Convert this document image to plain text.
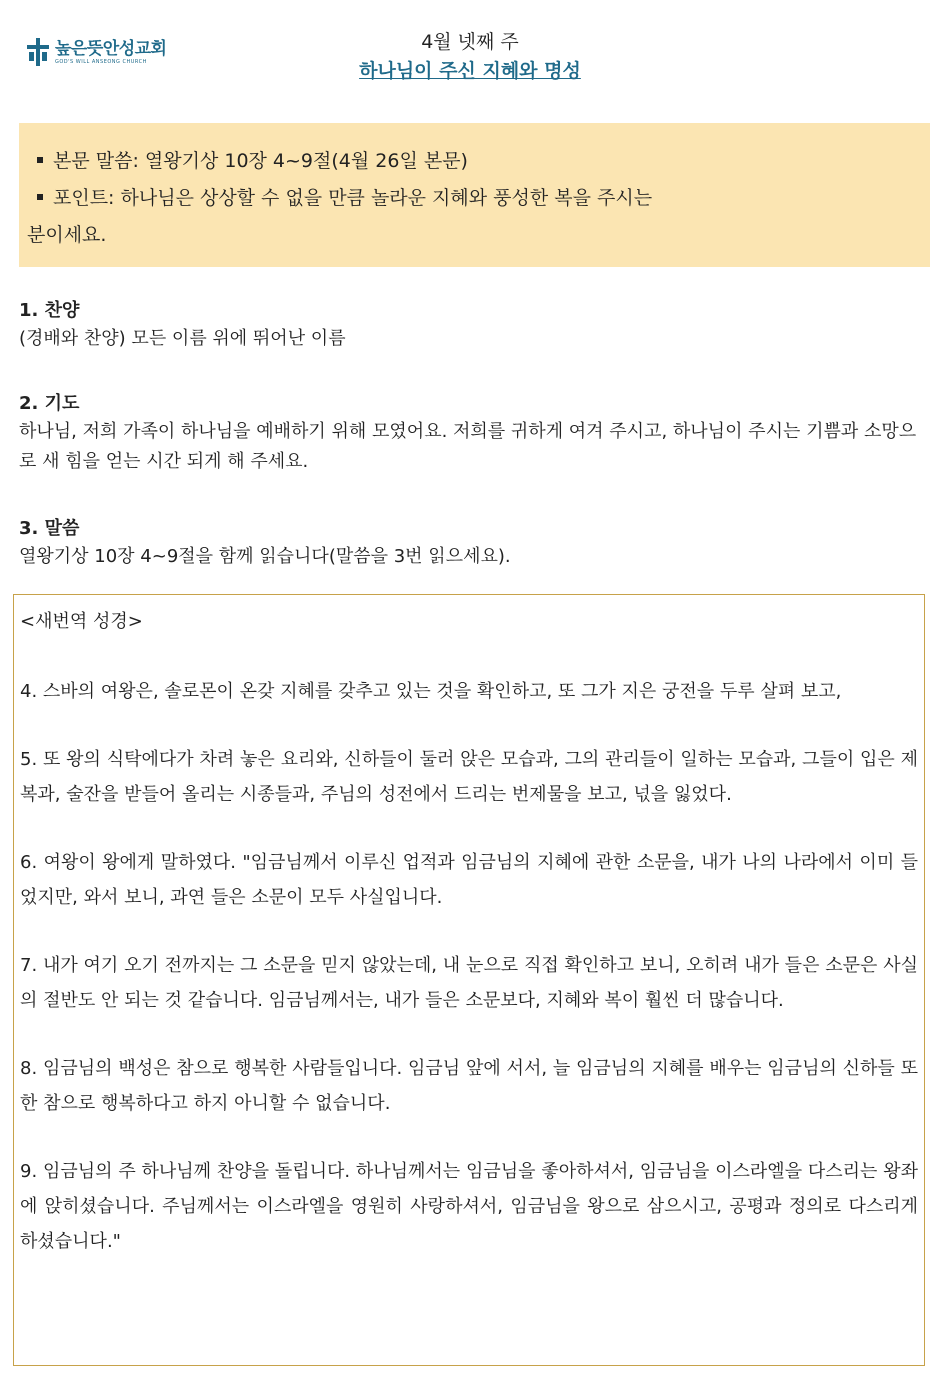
높은뜻안성교회
GOD'S WILL ANSEONG CHURCH
4월 넷째 주
하나님이 주신 지혜와 명성
본문 말씀: 열왕기상 10장 4~9절(4월 26일 본문)
포인트: 하나님은 상상할 수 없을 만큼 놀라운 지혜와 풍성한 복을 주시는
분이세요.
1. 찬양
(경배와 찬양) 모든 이름 위에 뛰어난 이름
2. 기도
하나님, 저희 가족이 하나님을 예배하기 위해 모였어요. 저희를 귀하게 여겨 주시고, 하나님이 주시는 기쁨과 소망으로 새 힘을 얻는 시간 되게 해 주세요.
3. 말씀
열왕기상 10장 4~9절을 함께 읽습니다(말씀을 3번 읽으세요).
<새번역 성경>
4. 스바의 여왕은, 솔로몬이 온갖 지혜를 갖추고 있는 것을 확인하고, 또 그가 지은 궁전을 두루 살펴 보고,
5. 또 왕의 식탁에다가 차려 놓은 요리와, 신하들이 둘러 앉은 모습과, 그의 관리들이 일하는 모습과, 그들이 입은 제복과, 술잔을 받들어 올리는 시종들과, 주님의 성전에서 드리는 번제물을 보고, 넋을 잃었다.
6. 여왕이 왕에게 말하였다. "임금님께서 이루신 업적과 임금님의 지혜에 관한 소문을, 내가 나의 나라에서 이미 들었지만, 와서 보니, 과연 들은 소문이 모두 사실입니다.
7. 내가 여기 오기 전까지는 그 소문을 믿지 않았는데, 내 눈으로 직접 확인하고 보니, 오히려 내가 들은 소문은 사실의 절반도 안 되는 것 같습니다. 임금님께서는, 내가 들은 소문보다, 지혜와 복이 훨씬 더 많습니다.
8. 임금님의 백성은 참으로 행복한 사람들입니다. 임금님 앞에 서서, 늘 임금님의 지혜를 배우는 임금님의 신하들 또한 참으로 행복하다고 하지 아니할 수 없습니다.
9. 임금님의 주 하나님께 찬양을 돌립니다. 하나님께서는 임금님을 좋아하셔서, 임금님을 이스라엘을 다스리는 왕좌에 앉히셨습니다. 주님께서는 이스라엘을 영원히 사랑하셔서, 임금님을 왕으로 삼으시고, 공평과 정의로 다스리게 하셨습니다."
